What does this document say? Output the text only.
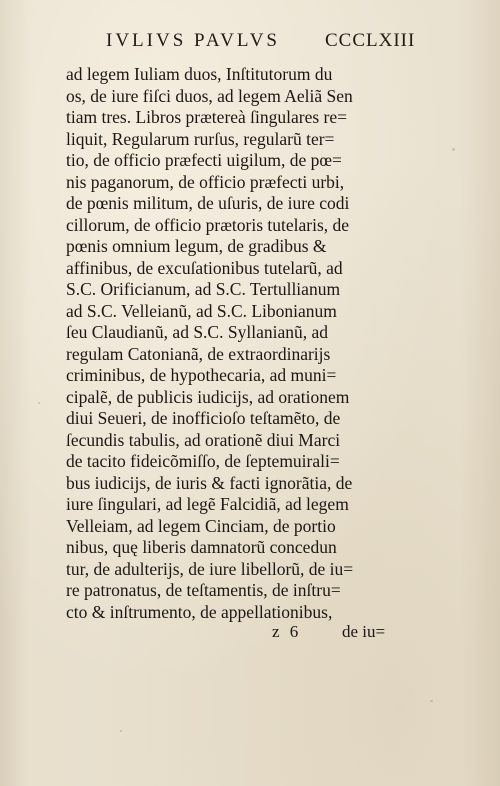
IVLIVS PAVLVS CCCLXIII
ad legem Iuliam duos, Inſtitutorum du
os, de iure fiſci duos, ad legem Aeliã Sen
tiam tres. Libros prætereà ſingulares re=
liquit, Regularum rurſus, regularũ ter=
tio, de officio præfecti uigilum, de pœ=
nis paganorum, de officio præfecti urbi,
de pœnis militum, de uſuris, de iure codi
cillorum, de officio prætoris tutelaris, de
pœnis omnium legum, de gradibus &
affinibus, de excuſationibus tutelarũ, ad
S.C. Orificianum, ad S.C. Tertullianum
ad S.C. Velleianũ, ad S.C. Libonianum
ſeu Claudianũ, ad S.C. Syllanianũ, ad
regulam Catonianã, de extraordinarijs
criminibus, de hypothecaria, ad muni=
cipalẽ, de publicis iudicijs, ad orationem
diui Seueri, de inofficioſo teſtamẽto, de
ſecundis tabulis, ad orationẽ diui Marci
de tacito fideicõmiſſo, de ſeptemuirali=
bus iudicijs, de iuris & facti ignorãtia, de
iure ſingulari, ad legẽ Falcidiã, ad legem
Velleiam, ad legem Cinciam, de portio
nibus, quę liberis damnatorũ concedun
tur, de adulterijs, de iure libellorũ, de iu=
re patronatus, de teſtamentis, de inſtru=
cto & inſtrumento, de appellationibus,
z 6 de iu=
